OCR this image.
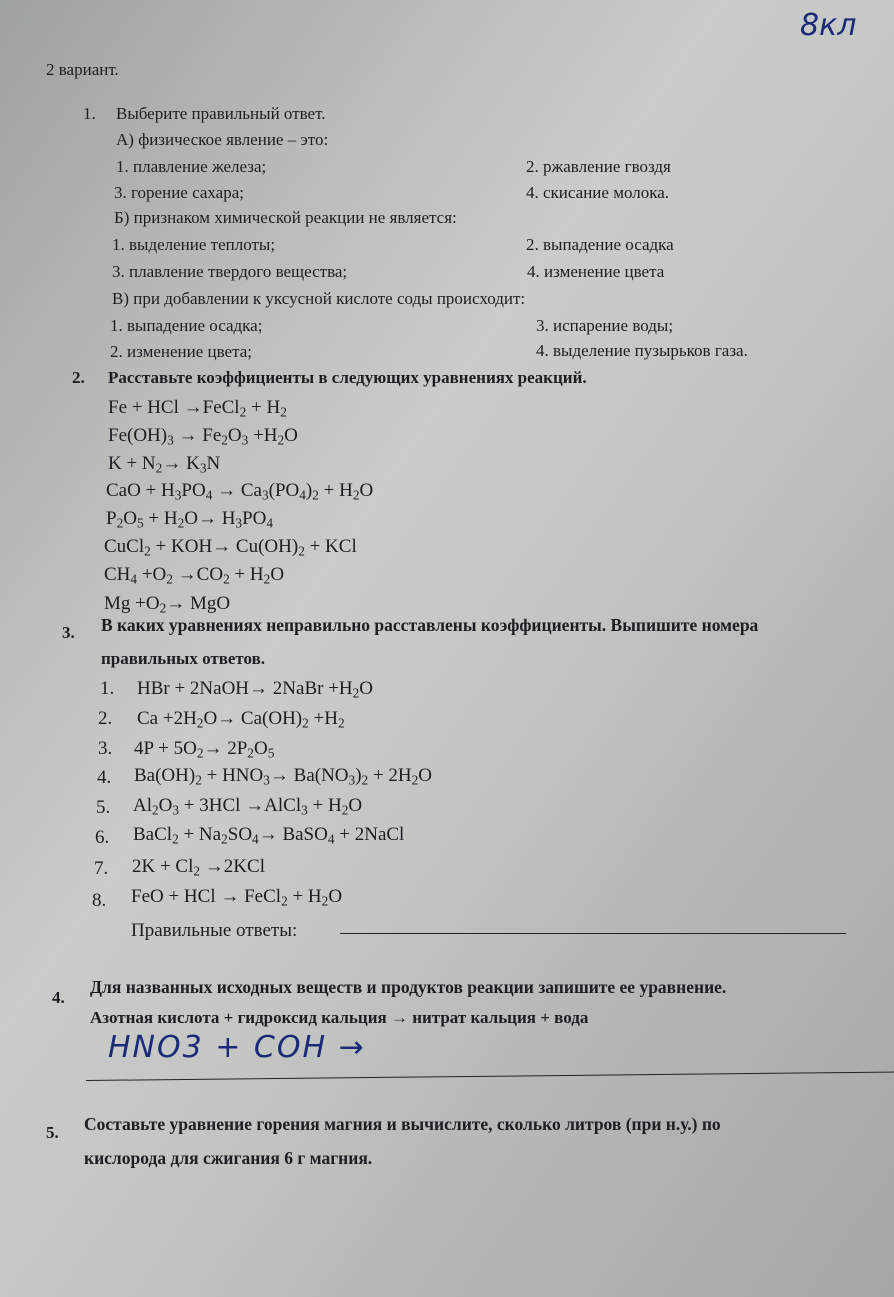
8кл
2 вариант.
1. Выберите правильный ответ.
А) физическое явление – это:
1. плавление железа;	2. ржавление гвоздя
3. горение сахара;	4. скисание молока.
Б) признаком химической реакции не является:
1. выделение теплоты;	2. выпадение осадка
3. плавление твердого вещества;	4. изменение цвета
В) при добавлении к уксусной кислоте соды происходит:
1. выпадение осадка;	3. испарение воды;
2. изменение цвета;	4. выделение пузырьков газа.
2. Расставьте коэффициенты в следующих уравнениях реакций.
Fe + HCl →FeCl$_2$ + $H_2$
$Fe(OH)_3 \to Fe_2O_3 +H_2O$
$K + N_2\to K_3N$
CaO + $H_3PO_4 \to Ca_3(PO_4)_2 + H_2O$
$P_2O_5 + H_2O\to H_3PO_4$
CuCl$_2$ + $KOH\to Cu(OH)_2$ + KCl
$CH_4 +O_2 \to CO_2 + H_2O$
$Mg +O_2\to$ MgO
3. В каких уравнениях неправильно расставлены коэффициенты. Выпишите номера
правильных ответов.
1. HBr + 2NaOH→ 2NaBr $+H_2O$
2. $Ca +2H_2O\to Ca(OH)_2 +H_2$
3. $4P + 5O_2\to 2P_2O_5$
4. $Ba(OH)_2 + HNO_3\to Ba(NO_3)_2 + 2H_2O$
5. $Al_2O_3 + 3HCl$ →AlCl$_3$ + $H_2O$
6. BaCl$_2$ + $Na_2SO_4\to$ BaSO$_4$ + 2NaCl
7. $2K + Cl_2 \to 2KCl$
8. FeO + HCl → FeCl$_2$ + $H_2O$
Правильные ответы:
4.
Для названных исходных веществ и продуктов реакции запишите ее уравнение.
Азотная кислота + гидроксид кальция → нитрат кальция + вода
HNO3 + COH →
5. Составьте уравнение горения магния и вычислите, сколько литров (при н.у.) по
кислорода для сжигания 6 г магния.
